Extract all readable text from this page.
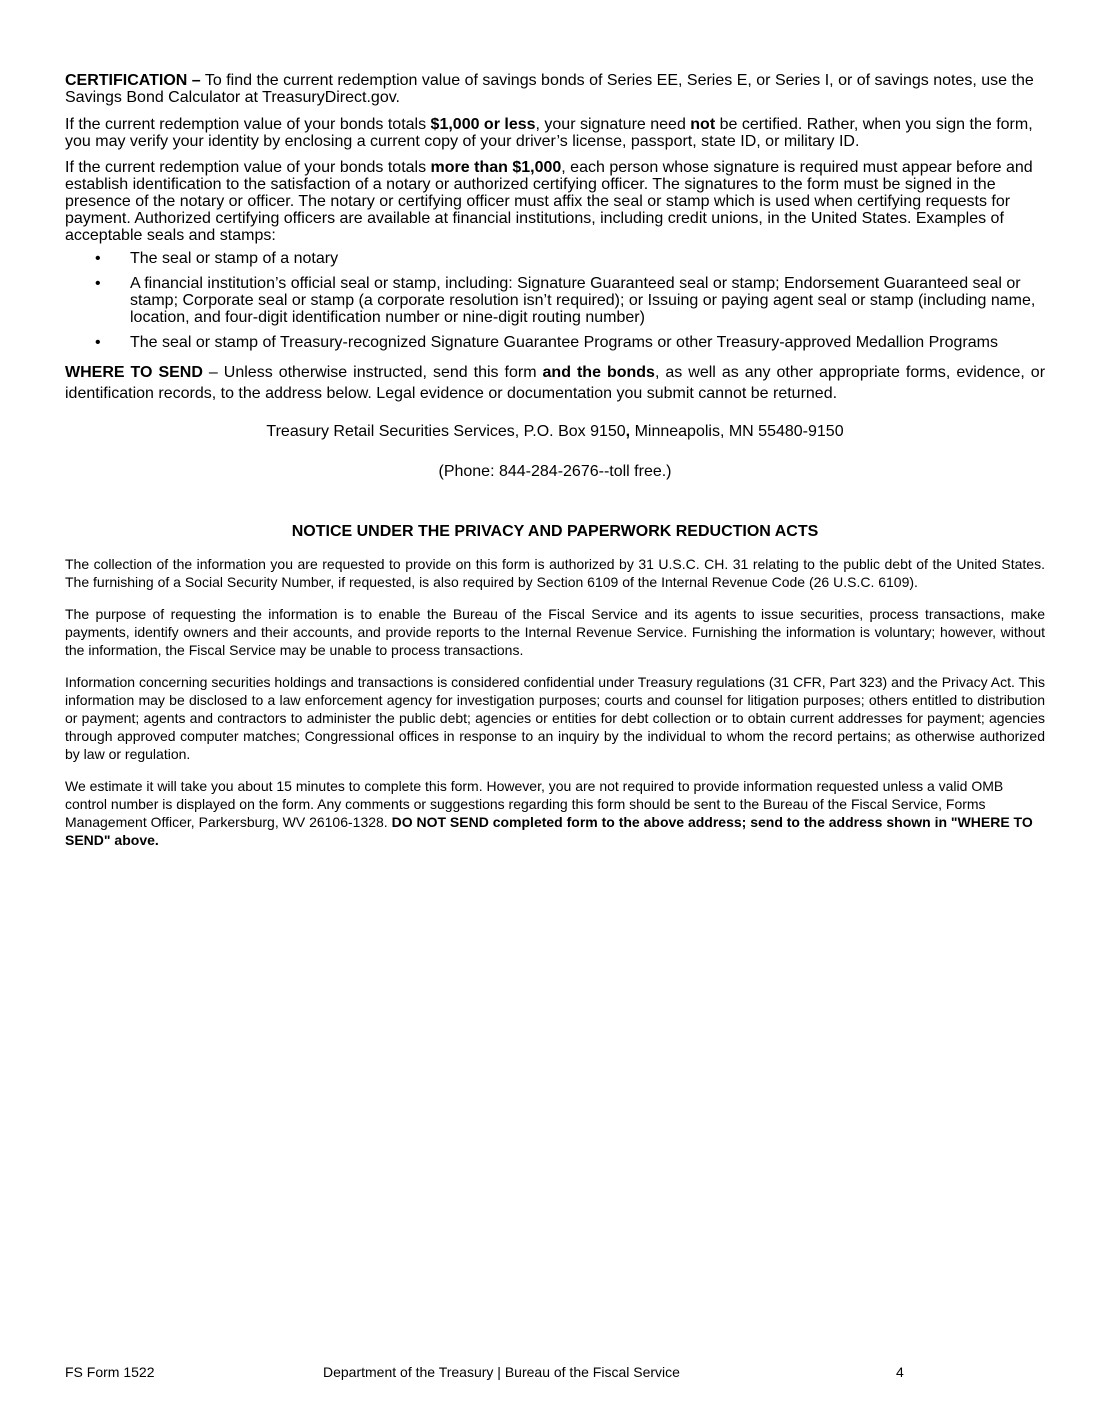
CERTIFICATION – To find the current redemption value of savings bonds of Series EE, Series E, or Series I, or of savings notes, use the Savings Bond Calculator at TreasuryDirect.gov.

If the current redemption value of your bonds totals $1,000 or less, your signature need not be certified. Rather, when you sign the form, you may verify your identity by enclosing a current copy of your driver’s license, passport, state ID, or military ID.

If the current redemption value of your bonds totals more than $1,000, each person whose signature is required must appear before and establish identification to the satisfaction of a notary or authorized certifying officer. The signatures to the form must be signed in the presence of the notary or officer. The notary or certifying officer must affix the seal or stamp which is used when certifying requests for payment. Authorized certifying officers are available at financial institutions, including credit unions, in the United States. Examples of acceptable seals and stamps:

• The seal or stamp of a notary
• A financial institution’s official seal or stamp, including: Signature Guaranteed seal or stamp; Endorsement Guaranteed seal or stamp; Corporate seal or stamp (a corporate resolution isn’t required); or Issuing or paying agent seal or stamp (including name, location, and four-digit identification number or nine-digit routing number)
• The seal or stamp of Treasury-recognized Signature Guarantee Programs or other Treasury-approved Medallion Programs

WHERE TO SEND – Unless otherwise instructed, send this form and the bonds, as well as any other appropriate forms, evidence, or identification records, to the address below. Legal evidence or documentation you submit cannot be returned.

Treasury Retail Securities Services, P.O. Box 9150, Minneapolis, MN 55480-9150

(Phone: 844-284-2676--toll free.)

NOTICE UNDER THE PRIVACY AND PAPERWORK REDUCTION ACTS

The collection of the information you are requested to provide on this form is authorized by 31 U.S.C. CH. 31 relating to the public debt of the United States. The furnishing of a Social Security Number, if requested, is also required by Section 6109 of the Internal Revenue Code (26 U.S.C. 6109).

The purpose of requesting the information is to enable the Bureau of the Fiscal Service and its agents to issue securities, process transactions, make payments, identify owners and their accounts, and provide reports to the Internal Revenue Service. Furnishing the information is voluntary; however, without the information, the Fiscal Service may be unable to process transactions.

Information concerning securities holdings and transactions is considered confidential under Treasury regulations (31 CFR, Part 323) and the Privacy Act. This information may be disclosed to a law enforcement agency for investigation purposes; courts and counsel for litigation purposes; others entitled to distribution or payment; agents and contractors to administer the public debt; agencies or entities for debt collection or to obtain current addresses for payment; agencies through approved computer matches; Congressional offices in response to an inquiry by the individual to whom the record pertains; as otherwise authorized by law or regulation.

We estimate it will take you about 15 minutes to complete this form. However, you are not required to provide information requested unless a valid OMB control number is displayed on the form. Any comments or suggestions regarding this form should be sent to the Bureau of the Fiscal Service, Forms Management Officer, Parkersburg, WV 26106-1328. DO NOT SEND completed form to the above address; send to the address shown in "WHERE TO SEND" above.

FS Form 1522	Department of the Treasury | Bureau of the Fiscal Service	4
